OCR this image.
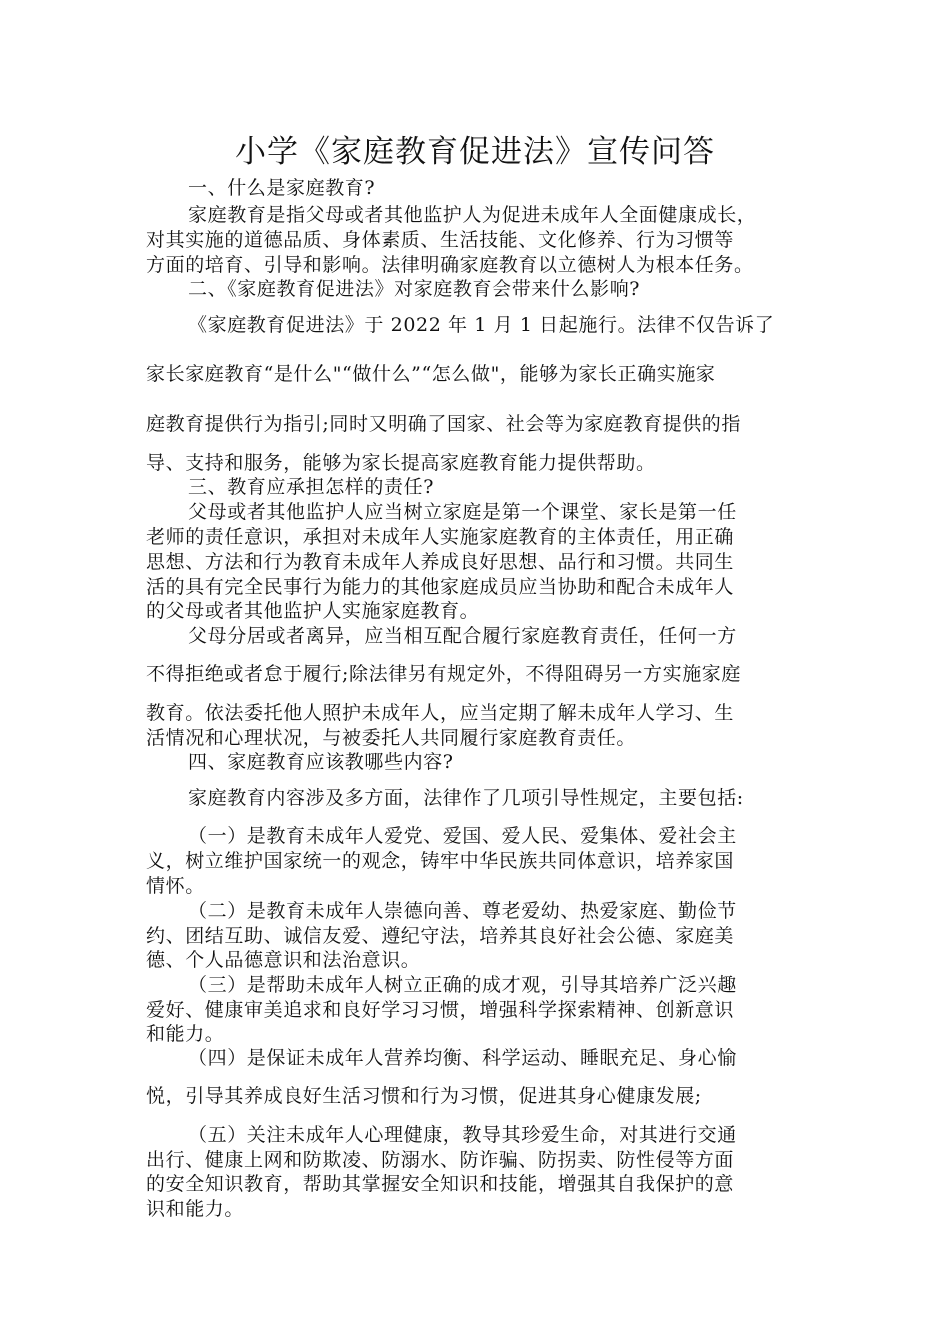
小学《家庭教育促进法》宣传问答
一、什么是家庭教育?
家庭教育是指父母或者其他监护人为促进未成年人全面健康成长，
对其实施的道德品质、身体素质、生活技能、文化修养、行为习惯等
方面的培育、引导和影响。法律明确家庭教育以立德树人为根本任务。
二、《家庭教育促进法》对家庭教育会带来什么影响?
《家庭教育促进法》于 2022 年 1 月 1 日起施行。法律不仅告诉了
家长家庭教育“是什么"“做什么”“怎么做"，能够为家长正确实施家
庭教育提供行为指引;同时又明确了国家、社会等为家庭教育提供的指
导、支持和服务，能够为家长提高家庭教育能力提供帮助。
三、教育应承担怎样的责任?
父母或者其他监护人应当树立家庭是第一个课堂、家长是第一任
老师的责任意识，承担对未成年人实施家庭教育的主体责任，用正确
思想、方法和行为教育未成年人养成良好思想、品行和习惯。共同生
活的具有完全民事行为能力的其他家庭成员应当协助和配合未成年人
的父母或者其他监护人实施家庭教育。
父母分居或者离异，应当相互配合履行家庭教育责任，任何一方
不得拒绝或者怠于履行;除法律另有规定外，不得阻碍另一方实施家庭
教育。依法委托他人照护未成年人，应当定期了解未成年人学习、生
活情况和心理状况，与被委托人共同履行家庭教育责任。
四、家庭教育应该教哪些内容?
家庭教育内容涉及多方面，法律作了几项引导性规定，主要包括:
（一）是教育未成年人爱党、爱国、爱人民、爱集体、爱社会主
义，树立维护国家统一的观念，铸牢中华民族共同体意识，培养家国
情怀。
（二）是教育未成年人崇德向善、尊老爱幼、热爱家庭、勤俭节
约、团结互助、诚信友爱、遵纪守法，培养其良好社会公德、家庭美
德、个人品德意识和法治意识。
（三）是帮助未成年人树立正确的成才观，引导其培养广泛兴趣
爱好、健康审美追求和良好学习习惯，增强科学探索精神、创新意识
和能力。
（四）是保证未成年人营养均衡、科学运动、睡眠充足、身心愉
悦，引导其养成良好生活习惯和行为习惯，促进其身心健康发展;
（五）关注未成年人心理健康，教导其珍爱生命，对其进行交通
出行、健康上网和防欺凌、防溺水、防诈骗、防拐卖、防性侵等方面
的安全知识教育，帮助其掌握安全知识和技能，增强其自我保护的意
识和能力。
